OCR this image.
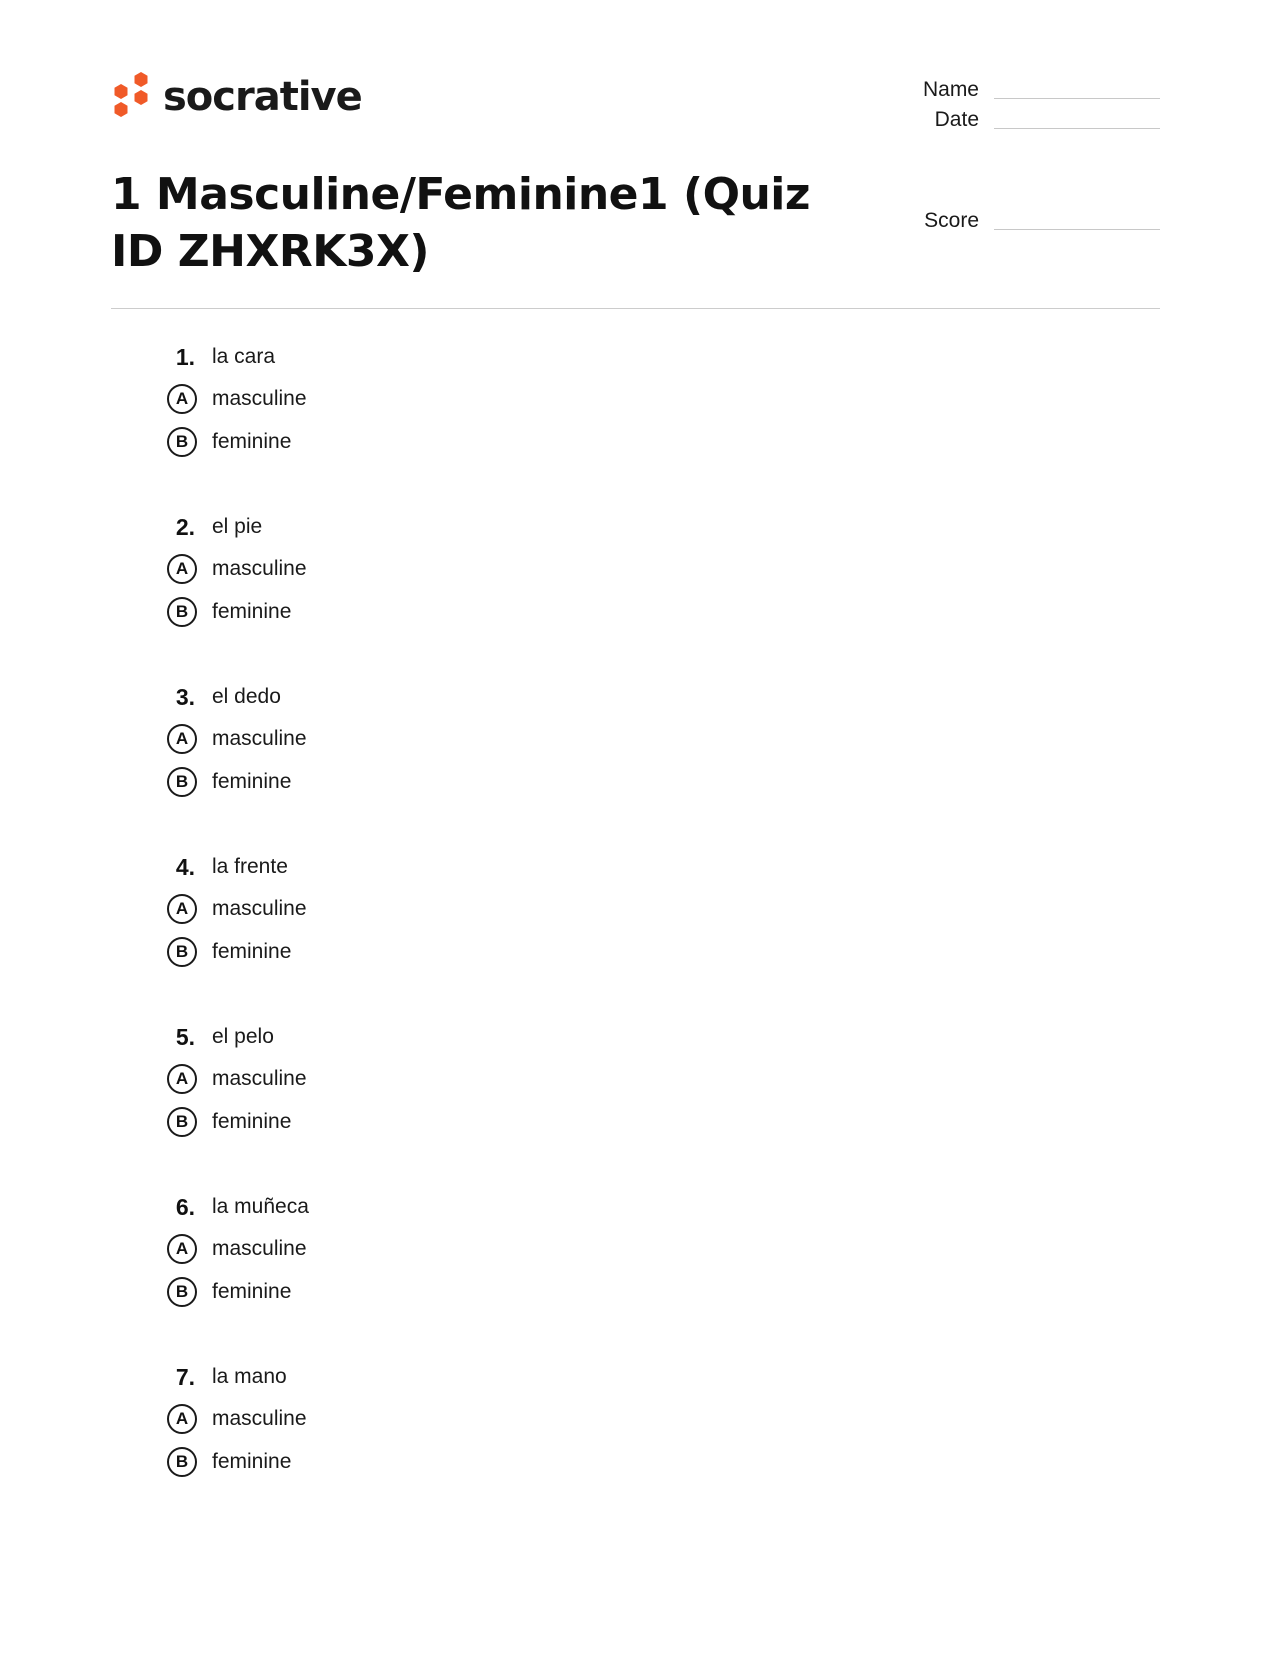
socrative	Name
Date
Score
1 Masculine/Feminine1 (Quiz ID ZHXRK3X)
1. la cara
A	masculine
B	feminine
2. el pie
A	masculine
B	feminine
3. el dedo
A	masculine
B	feminine
4. la frente
A	masculine
B	feminine
5. el pelo
A	masculine
B	feminine
6. la muñeca
A	masculine
B	feminine
7. la mano
A	masculine
B	feminine
